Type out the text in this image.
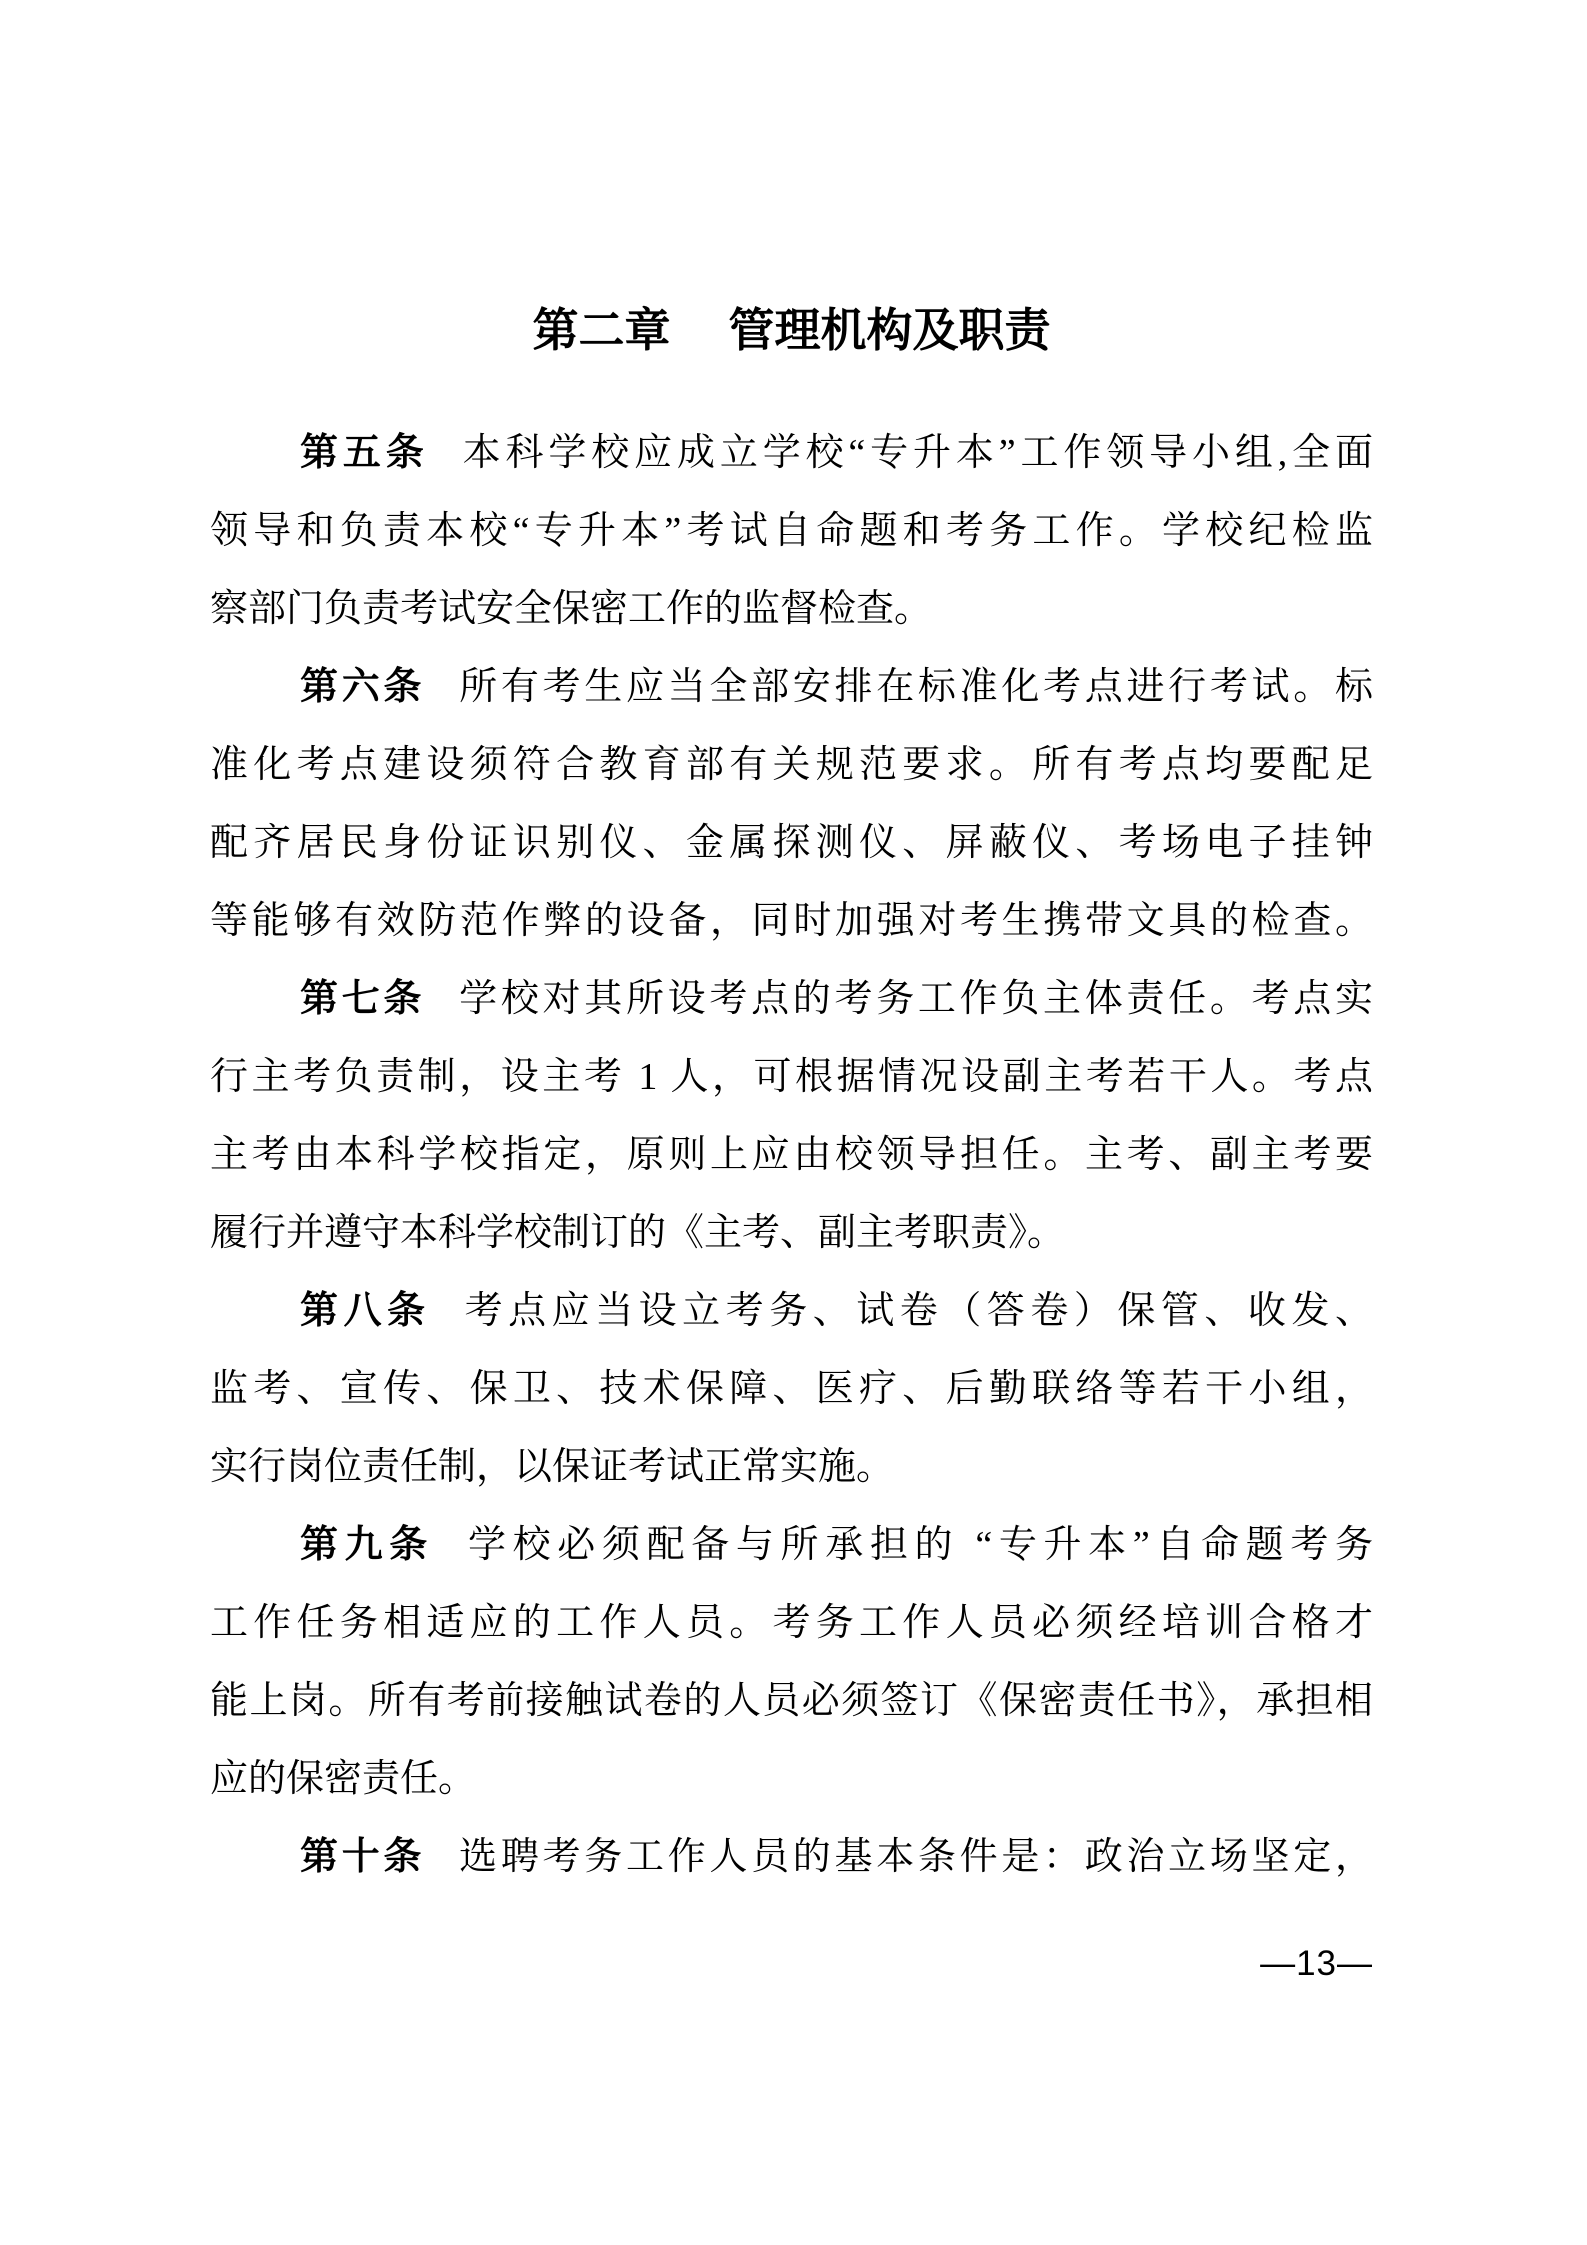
第二章 管理机构及职责
第五条 本科学校应成立学校“专升本”工作领导小组,全面
领导和负责本校“专升本”考试自命题和考务工作。学校纪检监
察部门负责考试安全保密工作的监督检查。
第六条 所有考生应当全部安排在标准化考点进行考试。标
准化考点建设须符合教育部有关规范要求。所有考点均要配足
配齐居民身份证识别仪、金属探测仪、屏蔽仪、考场电子挂钟
等能够有效防范作弊的设备，同时加强对考生携带文具的检查。
第七条 学校对其所设考点的考务工作负主体责任。考点实
行主考负责制，设主考 1 人，可根据情况设副主考若干人。考点
主考由本科学校指定，原则上应由校领导担任。主考、副主考要
履行并遵守本科学校制订的《主考、副主考职责》。
第八条 考点应当设立考务、试卷（答卷）保管、收发、
监考、宣传、保卫、技术保障、医疗、后勤联络等若干小组，
实行岗位责任制，以保证考试正常实施。
第九条 学校必须配备与所承担的 “专升本”自命题考务
工作任务相适应的工作人员。考务工作人员必须经培训合格才
能上岗。所有考前接触试卷的人员必须签订《保密责任书》，承担相
应的保密责任。
第十条 选聘考务工作人员的基本条件是：政治立场坚定，
—13—
